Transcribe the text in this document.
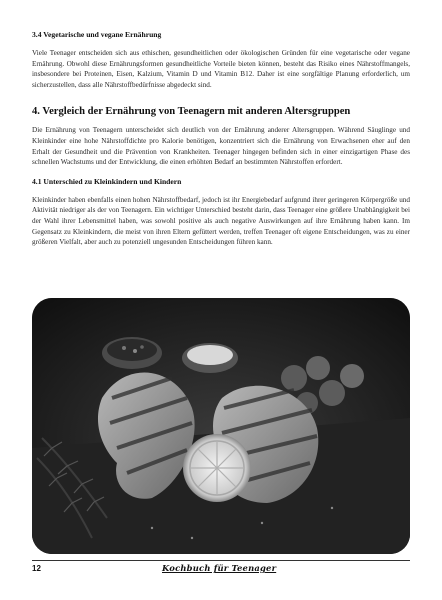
3.4 Vegetarische und vegane Ernährung

Viele Teenager entscheiden sich aus ethischen, gesundheitlichen oder ökologischen Gründen für eine vegetarische oder vegane Ernährung. Obwohl diese Ernährungsformen gesundheitliche Vorteile bieten können, besteht das Risiko eines Nährstoffmangels, insbesondere bei Proteinen, Eisen, Kalzium, Vitamin D und Vitamin B12. Daher ist eine sorgfältige Planung erforderlich, um sicherzustellen, dass alle Nährstoffbedürfnisse abgedeckt sind.

4. Vergleich der Ernährung von Teenagern mit anderen Altersgruppen

Die Ernährung von Teenagern unterscheidet sich deutlich von der Ernährung anderer Altersgruppen. Während Säuglinge und Kleinkinder eine hohe Nährstoffdichte pro Kalorie benötigen, konzentriert sich die Ernährung von Erwachsenen eher auf den Erhalt der Gesundheit und die Prävention von Krankheiten. Teenager hingegen befinden sich in einer einzigartigen Phase des schnellen Wachstums und der Entwicklung, die einen erhöhten Bedarf an bestimmten Nährstoffen erfordert.

4.1 Unterschied zu Kleinkindern und Kindern

Kleinkinder haben ebenfalls einen hohen Nährstoffbedarf, jedoch ist ihr Energiebedarf aufgrund ihrer geringeren Körpergröße und Aktivität niedriger als der von Teenagern. Ein wichtiger Unterschied besteht darin, dass Teenager eine größere Unabhängigkeit bei der Wahl ihrer Lebensmittel haben, was sowohl positive als auch negative Auswirkungen auf ihre Ernährung haben kann. Im Gegensatz zu Kleinkindern, die meist von ihren Eltern gefüttert werden, treffen Teenager oft eigene Entscheidungen, was zu einer größeren Vielfalt, aber auch zu potenziell ungesunden Entscheidungen führen kann.

12	Kochbuch für Teenager
